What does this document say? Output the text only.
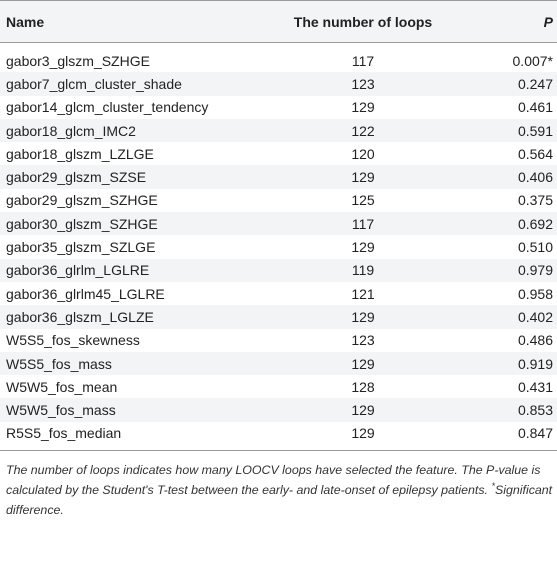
Name	The number of loops	P
gabor3_glszm_SZHGE	117	0.007*
gabor7_glcm_cluster_shade	123	0.247
gabor14_glcm_cluster_tendency	129	0.461
gabor18_glcm_IMC2	122	0.591
gabor18_glszm_LZLGE	120	0.564
gabor29_glszm_SZSE	129	0.406
gabor29_glszm_SZHGE	125	0.375
gabor30_glszm_SZHGE	117	0.692
gabor35_glszm_SZLGE	129	0.510
gabor36_glrlm_LGLRE	119	0.979
gabor36_glrlm45_LGLRE	121	0.958
gabor36_glszm_LGLZE	129	0.402
W5S5_fos_skewness	123	0.486
W5S5_fos_mass	129	0.919
W5W5_fos_mean	128	0.431
W5W5_fos_mass	129	0.853
R5S5_fos_median	129	0.847

The number of loops indicates how many LOOCV loops have selected the feature. The P-value is calculated by the Student's T-test between the early- and late-onset of epilepsy patients. *Significant difference.
